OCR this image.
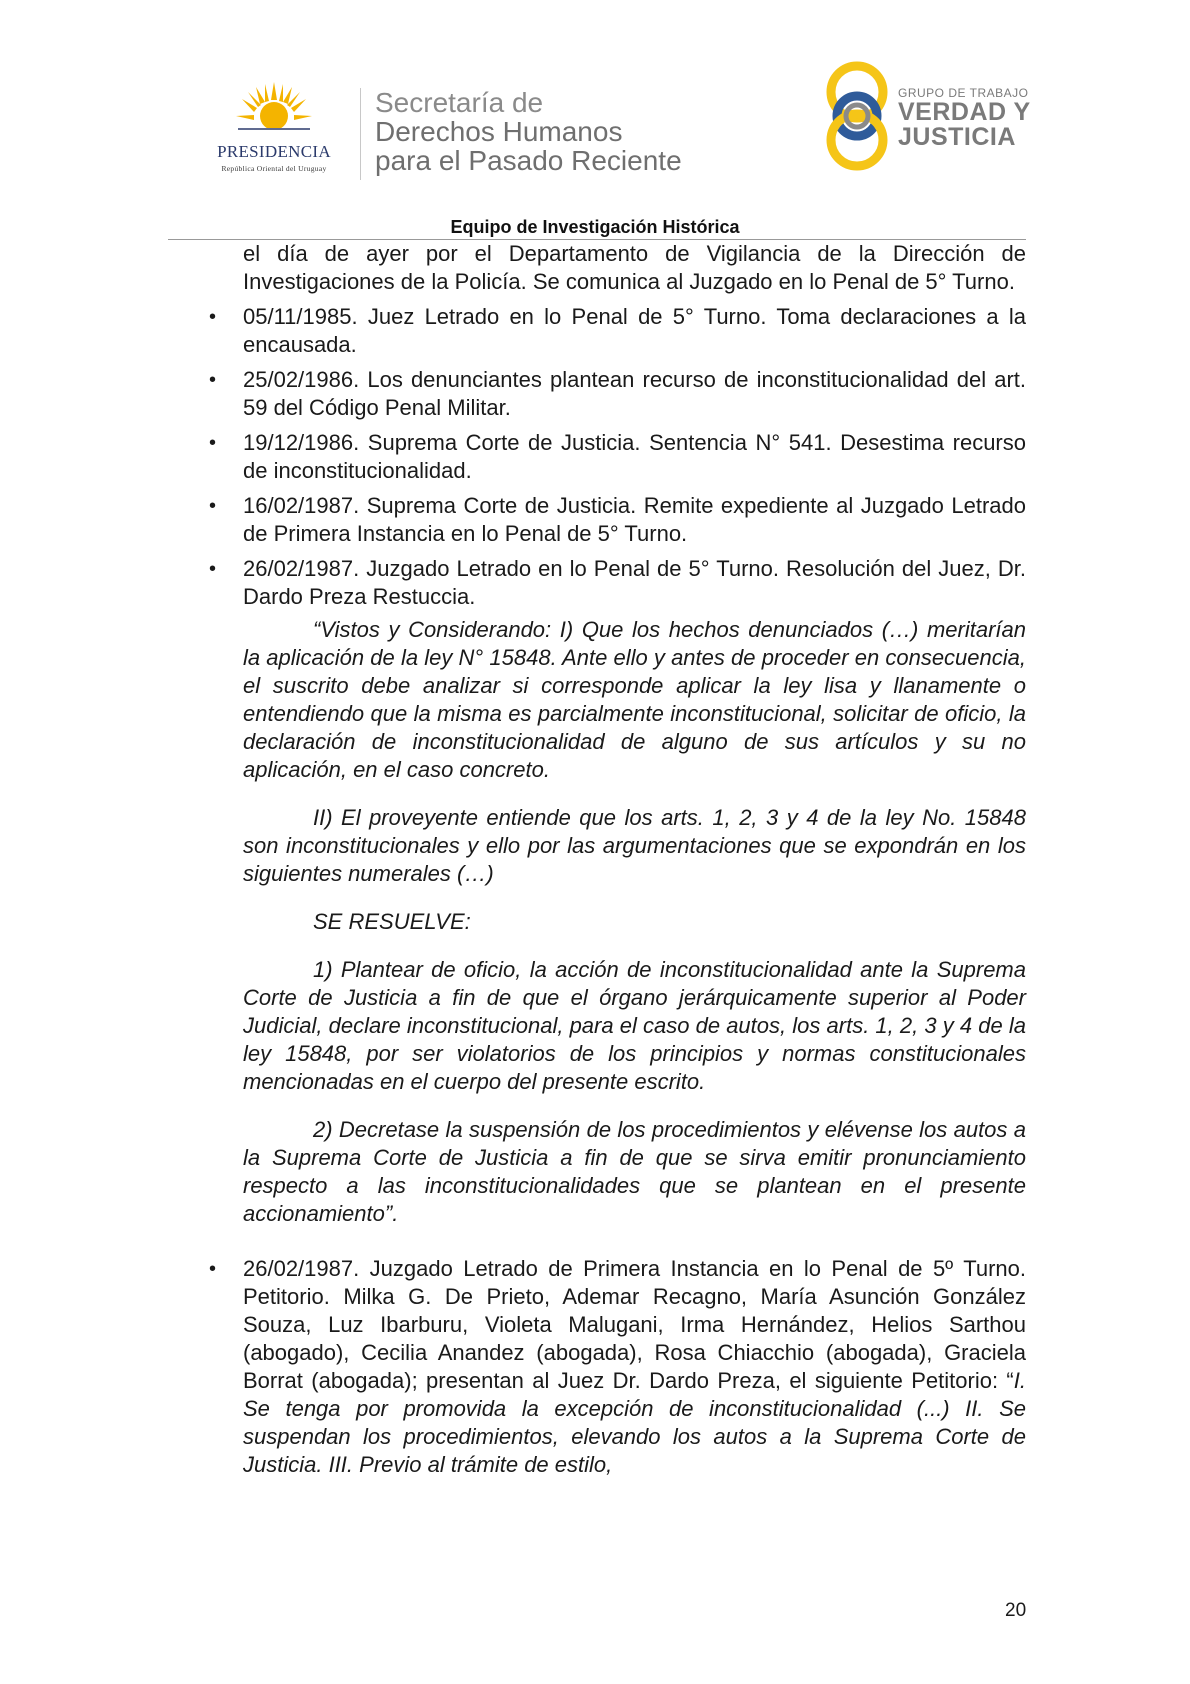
PRESIDENCIA
República Oriental del Uruguay
Secretaría de
Derechos Humanos
para el Pasado Reciente
GRUPO DE TRABAJO
VERDAD Y
JUSTICIA
Equipo de Investigación Histórica

el día de ayer por el Departamento de Vigilancia de la Dirección de Investigaciones de la Policía. Se comunica al Juzgado en lo Penal de 5° Turno.

• 05/11/1985. Juez Letrado en lo Penal de 5° Turno. Toma declaraciones a la encausada.
• 25/02/1986. Los denunciantes plantean recurso de inconstitucionalidad del art. 59 del Código Penal Militar.
• 19/12/1986. Suprema Corte de Justicia. Sentencia N° 541. Desestima recurso de inconstitucionalidad.
• 16/02/1987. Suprema Corte de Justicia. Remite expediente al Juzgado Letrado de Primera Instancia en lo Penal de 5° Turno.
• 26/02/1987. Juzgado Letrado en lo Penal de 5° Turno. Resolución del Juez, Dr. Dardo Preza Restuccia.

“Vistos y Considerando: I) Que los hechos denunciados (…) meritarían la aplicación de la ley N° 15848. Ante ello y antes de proceder en consecuencia, el suscrito debe analizar si corresponde aplicar la ley lisa y llanamente o entendiendo que la misma es parcialmente inconstitucional, solicitar de oficio, la declaración de inconstitucionalidad de alguno de sus artículos y su no aplicación, en el caso concreto.

II) El proveyente entiende que los arts. 1, 2, 3 y 4 de la ley No. 15848 son inconstitucionales y ello por las argumentaciones que se expondrán en los siguientes numerales (…)

SE RESUELVE:

1) Plantear de oficio, la acción de inconstitucionalidad ante la Suprema Corte de Justicia a fin de que el órgano jerárquicamente superior al Poder Judicial, declare inconstitucional, para el caso de autos, los arts. 1, 2, 3 y 4 de la ley 15848, por ser violatorios de los principios y normas constitucionales mencionadas en el cuerpo del presente escrito.

2) Decretase la suspensión de los procedimientos y elévense los autos a la Suprema Corte de Justicia a fin de que se sirva emitir pronunciamiento respecto a las inconstitucionalidades que se plantean en el presente accionamiento”.

• 26/02/1987. Juzgado Letrado de Primera Instancia en lo Penal de 5º Turno. Petitorio. Milka G. De Prieto, Ademar Recagno, María Asunción González Souza, Luz Ibarburu, Violeta Malugani, Irma Hernández, Helios Sarthou (abogado), Cecilia Anandez (abogada), Rosa Chiacchio (abogada), Graciela Borrat (abogada); presentan al Juez Dr. Dardo Preza, el siguiente Petitorio: “I. Se tenga por promovida la excepción de inconstitucionalidad (...) II. Se suspendan los procedimientos, elevando los autos a la Suprema Corte de Justicia. III. Previo al trámite de estilo,
20
